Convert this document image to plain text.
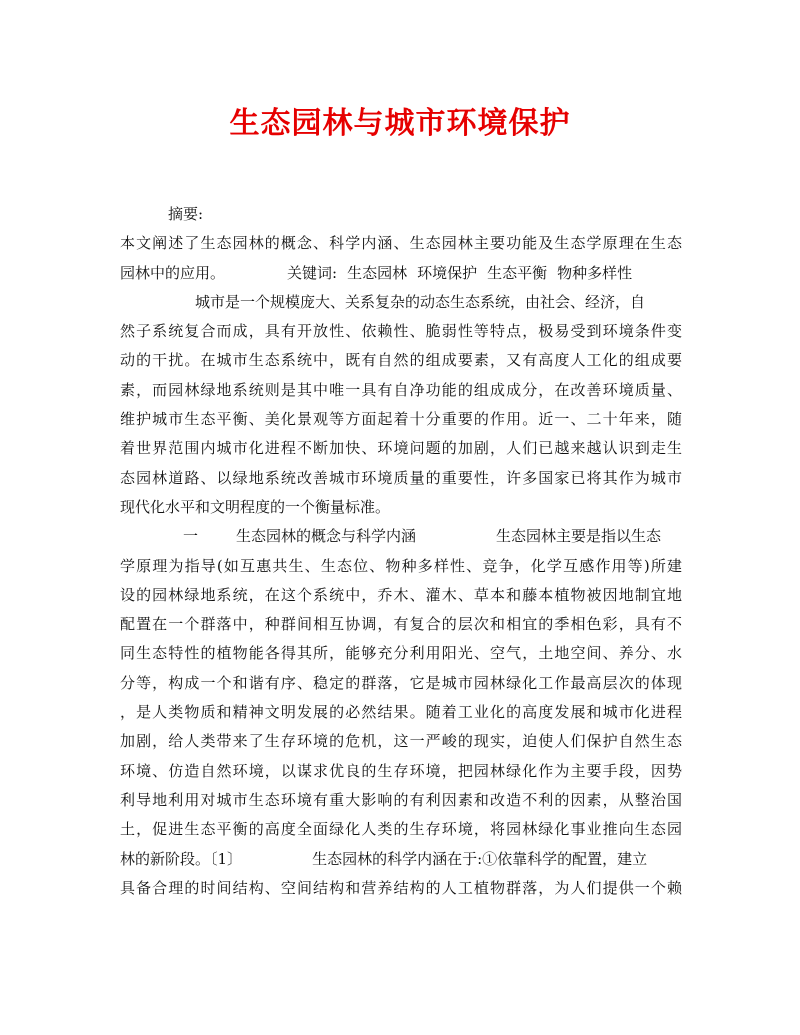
生态园林与城市环境保护
摘要:
本文阐述了生态园林的概念、科学内涵、生态园林主要功能及生态学原理在生态
园林中的应用。	关键词: 生态园林 环境保护 生态平衡 物种多样性
城市是一个规模庞大、关系复杂的动态生态系统，由社会、经济，自
然子系统复合而成，具有开放性、依赖性、脆弱性等特点，极易受到环境条件变
动的干扰。在城市生态系统中，既有自然的组成要素，又有高度人工化的组成要
素，而园林绿地系统则是其中唯一具有自净功能的组成成分，在改善环境质量、
维护城市生态平衡、美化景观等方面起着十分重要的作用。近一、二十年来，随
着世界范围内城市化进程不断加快、环境问题的加剧，人们已越来越认识到走生
态园林道路、以绿地系统改善城市环境质量的重要性，许多国家已将其作为城市
现代化水平和文明程度的一个衡量标准。
一	生态园林的概念与科学内涵	生态园林主要是指以生态
学原理为指导(如互惠共生、生态位、物种多样性、竞争，化学互感作用等)所建
设的园林绿地系统，在这个系统中，乔木、灌木、草本和藤本植物被因地制宜地
配置在一个群落中，种群间相互协调，有复合的层次和相宜的季相色彩，具有不
同生态特性的植物能各得其所，能够充分利用阳光、空气，土地空间、养分、水
分等，构成一个和谐有序、稳定的群落，它是城市园林绿化工作最高层次的体现
，是人类物质和精神文明发展的必然结果。随着工业化的高度发展和城市化进程
加剧，给人类带来了生存环境的危机，这一严峻的现实，迫使人们保护自然生态
环境、仿造自然环境，以谋求优良的生存环境，把园林绿化作为主要手段，因势
利导地利用对城市生态环境有重大影响的有利因素和改造不利的因素，从整治国
土，促进生态平衡的高度全面绿化人类的生存环境，将园林绿化事业推向生态园
林的新阶段。〔1〕	生态园林的科学内涵在于:①依靠科学的配置，建立
具备合理的时间结构、空间结构和营养结构的人工植物群落，为人们提供一个赖
